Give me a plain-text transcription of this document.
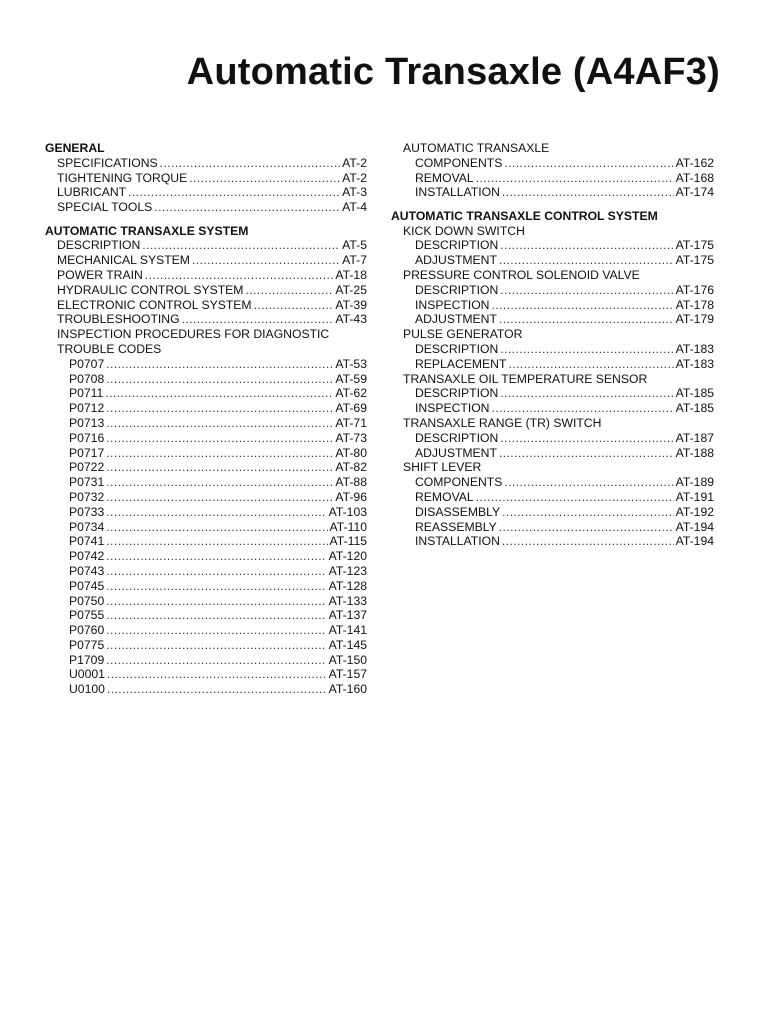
Automatic Transaxle (A4AF3)
GENERAL
SPECIFICATIONS .....	AT-2
TIGHTENING TORQUE .....	AT-2
LUBRICANT .....	AT-3
SPECIAL TOOLS .....	AT-4
AUTOMATIC TRANSAXLE SYSTEM
DESCRIPTION .....	AT-5
MECHANICAL SYSTEM .....	AT-7
POWER TRAIN .....	AT-18
HYDRAULIC CONTROL SYSTEM .....	AT-25
ELECTRONIC CONTROL SYSTEM .....	AT-39
TROUBLESHOOTING .....	AT-43
INSPECTION PROCEDURES FOR DIAGNOSTIC
TROUBLE CODES
P0707 .....	AT-53
P0708 .....	AT-59
P0711 .....	AT-62
P0712 .....	AT-69
P0713 .....	AT-71
P0716 .....	AT-73
P0717 .....	AT-80
P0722 .....	AT-82
P0731 .....	AT-88
P0732 .....	AT-96
P0733 .....	AT-103
P0734 .....	AT-110
P0741 .....	AT-115
P0742 .....	AT-120
P0743 .....	AT-123
P0745 .....	AT-128
P0750 .....	AT-133
P0755 .....	AT-137
P0760 .....	AT-141
P0775 .....	AT-145
P1709 .....	AT-150
U0001 .....	AT-157
U0100 .....	AT-160
AUTOMATIC TRANSAXLE
COMPONENTS .....	AT-162
REMOVAL .....	AT-168
INSTALLATION .....	AT-174
AUTOMATIC TRANSAXLE CONTROL SYSTEM
KICK DOWN SWITCH
DESCRIPTION .....	AT-175
ADJUSTMENT .....	AT-175
PRESSURE CONTROL SOLENOID VALVE
DESCRIPTION .....	AT-176
INSPECTION .....	AT-178
ADJUSTMENT .....	AT-179
PULSE GENERATOR
DESCRIPTION .....	AT-183
REPLACEMENT .....	AT-183
TRANSAXLE OIL TEMPERATURE SENSOR
DESCRIPTION .....	AT-185
INSPECTION .....	AT-185
TRANSAXLE RANGE (TR) SWITCH
DESCRIPTION .....	AT-187
ADJUSTMENT .....	AT-188
SHIFT LEVER
COMPONENTS .....	AT-189
REMOVAL .....	AT-191
DISASSEMBLY .....	AT-192
REASSEMBLY .....	AT-194
INSTALLATION .....	AT-194
